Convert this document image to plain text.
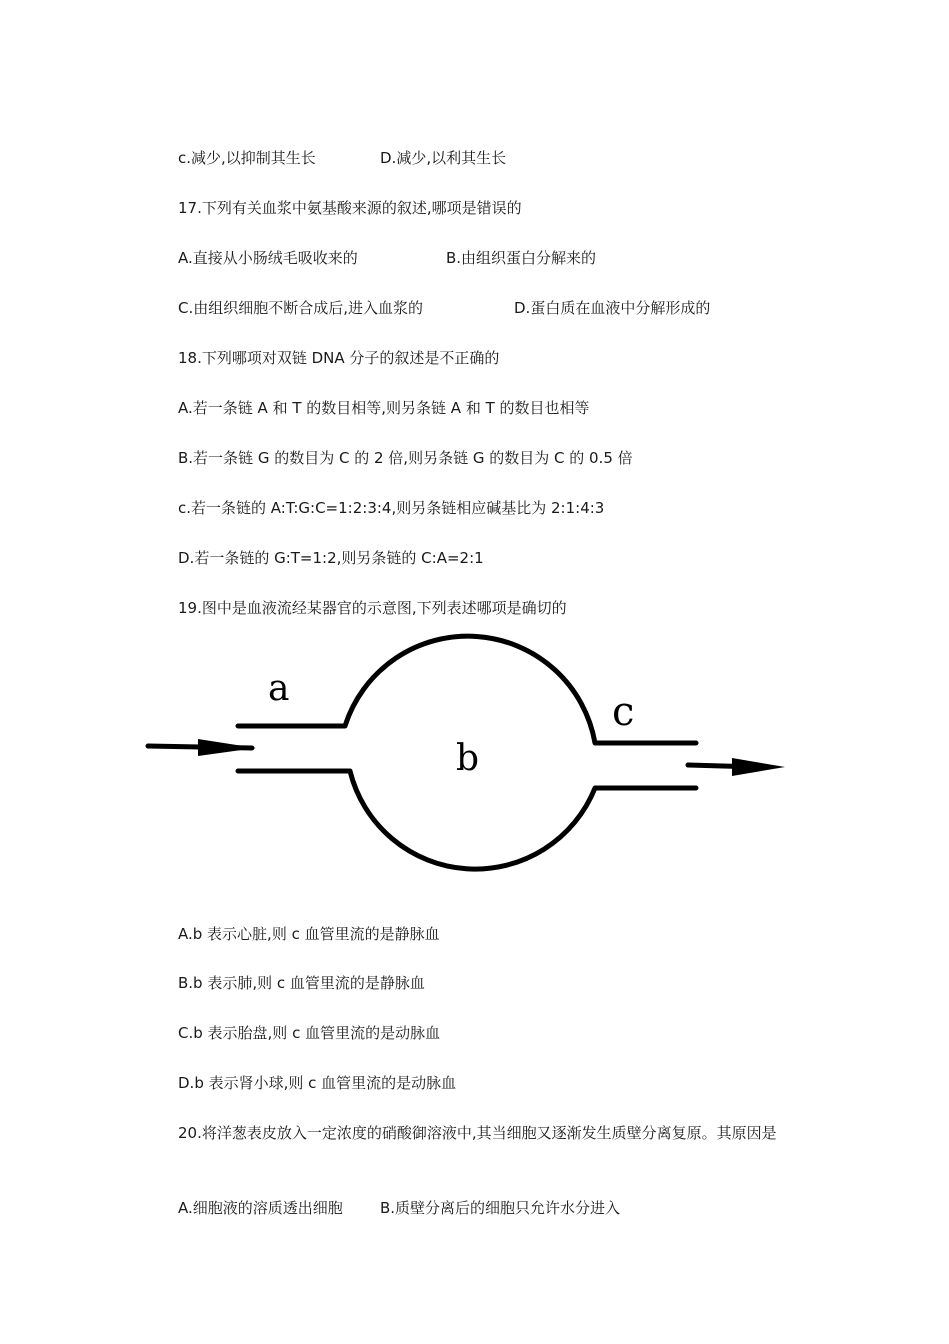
c.减少,以抑制其生长	D.减少,以利其生长
17.下列有关血浆中氨基酸来源的叙述,哪项是错误的
A.直接从小肠绒毛吸收来的	B.由组织蛋白分解来的
C.由组织细胞不断合成后,进入血浆的	D.蛋白质在血液中分解形成的
18.下列哪项对双链 DNA 分子的叙述是不正确的
A.若一条链 A 和 T 的数目相等,则另条链 A 和 T 的数目也相等
B.若一条链 G 的数目为 C 的 2 倍,则另条链 G 的数目为 C 的 0.5 倍
c.若一条链的 A:T:G:C=1:2:3:4,则另条链相应碱基比为 2:1:4:3
D.若一条链的 G:T=1:2,则另条链的 C:A=2:1
19.图中是血液流经某器官的示意图,下列表述哪项是确切的
a
b
c
A.b 表示心脏,则 c 血管里流的是静脉血
B.b 表示肺,则 c 血管里流的是静脉血
C.b 表示胎盘,则 c 血管里流的是动脉血
D.b 表示肾小球,则 c 血管里流的是动脉血
20.将洋葱表皮放入一定浓度的硝酸御溶液中,其当细胞又逐渐发生质壁分离复原。其原因是
A.细胞液的溶质透出细胞 B.质壁分离后的细胞只允许水分进入
